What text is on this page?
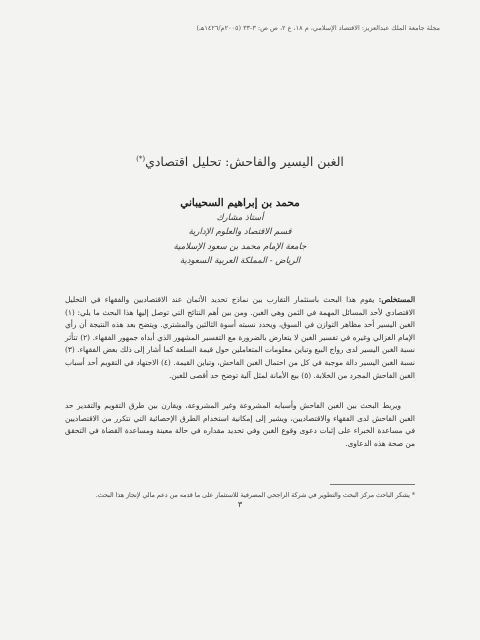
مجلة جامعة الملك عبدالعزيز: الاقتصاد الإسلامي، م ١٨، ع ٢، ص ص: ٣-٣٣ (٢٠٠٥م/١٤٢٦هـ)
الغبن اليسير والفاحش: تحليل اقتصادي(*)
محمد بن إبراهيم السحيباني
أستاذ مشارك
قسم الاقتصاد والعلوم الإدارية
جامعة الإمام محمد بن سعود الإسلامية
الرياض - المملكة العربية السعودية
المستخلص: يقوم هذا البحث باستثمار التقارب بين نماذج تحديد الأثمان عند الاقتصاديين والفقهاء في التحليل الاقتصادي لأحد المسائل المهمة في الثمن وهي الغبن. ومن بين أهم النتائج التي توصل إليها هذا البحث ما يلي: (١) الغبن اليسير أحد مظاهر التوازن في السوق، ويحدد نسبته أسوة الثالثين والمشتري. ويتضح بعد هذه النتيجة أن رأي الإمام الغزالي وغيره في تفسير الغبن لا يتعارض بالضرورة مع التفسير المشهور الذي أبداه جمهور الفقهاء. (٢) تتأثر نسبة الغبن اليسير لدى رواج البيع وتباين معلومات المتعاملين حول قيمة السلعة كما أشار إلى ذلك بعض الفقهاء. (٣) نسبة الغبن اليسير دالة موجبة في كل من احتمال الغبن الفاحش، وتباين القيمة. (٤) الاجتهاد في التقويم أحد أسباب الغبن الفاحش المجرد من الخلابة. (٥) بيع الأمانة لمثل آلية توضح حد أقصى للغبن.
ويربط البحث بين الغبن الفاحش وأسبابه المشروعة وغير المشروعة، ويقارن بين طرق التقويم والتقدير حد الغبن الفاحش لدى الفقهاء والاقتصاديين، ويشير إلى إمكانية استخدام الطرق الإحصائية التي تتكرر من الاقتصاديين في مساعدة الخبراء على إثبات دعوى وقوع الغبن وفي تحديد مقداره في حالة معينة ومساعدة القضاة في التحقق من صحة هذه الدعاوى.
* يشكر الباحث مركز البحث والتطوير في شركة الراجحي المصرفية للاستثمار على ما قدمه من دعم مالي لإنجاز هذا البحث.
٣
